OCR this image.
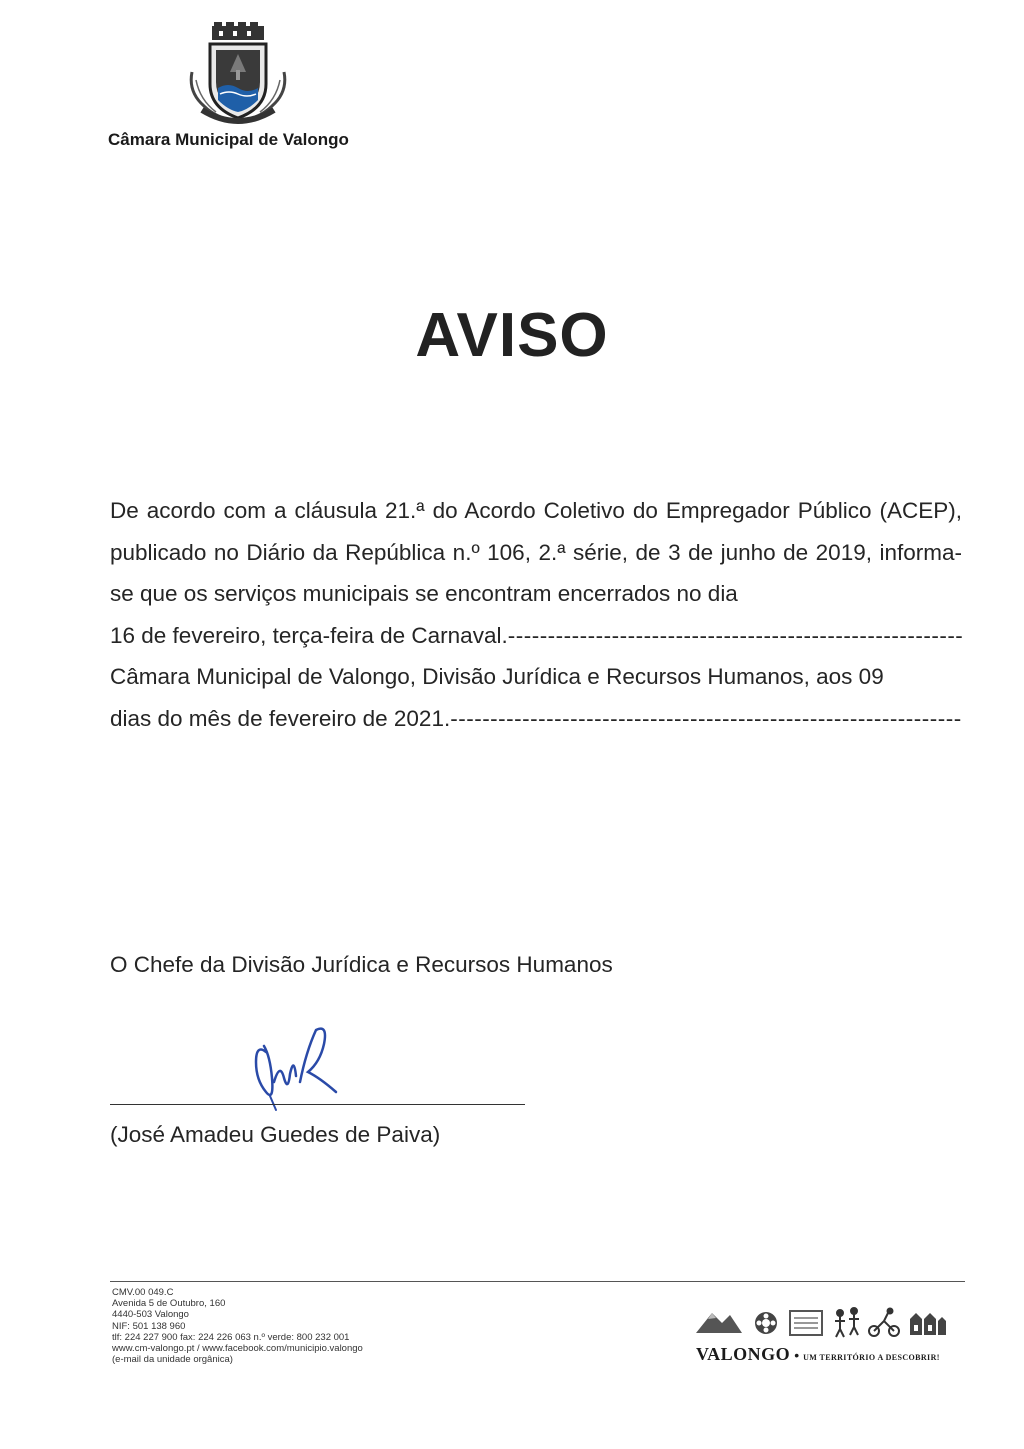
Câmara Municipal de Valongo
AVISO

De acordo com a cláusula 21.ª do Acordo Coletivo do Empregador Público (ACEP), publicado no Diário da República n.º 106, 2.ª série, de 3 de junho de 2019, informa-se que os serviços municipais se encontram encerrados no dia

16 de fevereiro, terça-feira de Carnaval.
-----

Câmara Municipal de Valongo, Divisão Jurídica e Recursos Humanos, aos 09

dias do mês de fevereiro de 2021.
-----
O Chefe da Divisão Jurídica e Recursos Humanos
(José Amadeu Guedes de Paiva)
CMV.00 049.C
Avenida 5 de Outubro, 160
4440-503 Valongo
NIF: 501 138 960
tlf: 224 227 900 fax: 224 226 063 n.º verde: 800 232 001
www.cm-valongo.pt / www.facebook.com/municipio.valongo
(e-mail da unidade orgânica)	VALONGO • UM TERRITÓRIO A DESCOBRIR!
